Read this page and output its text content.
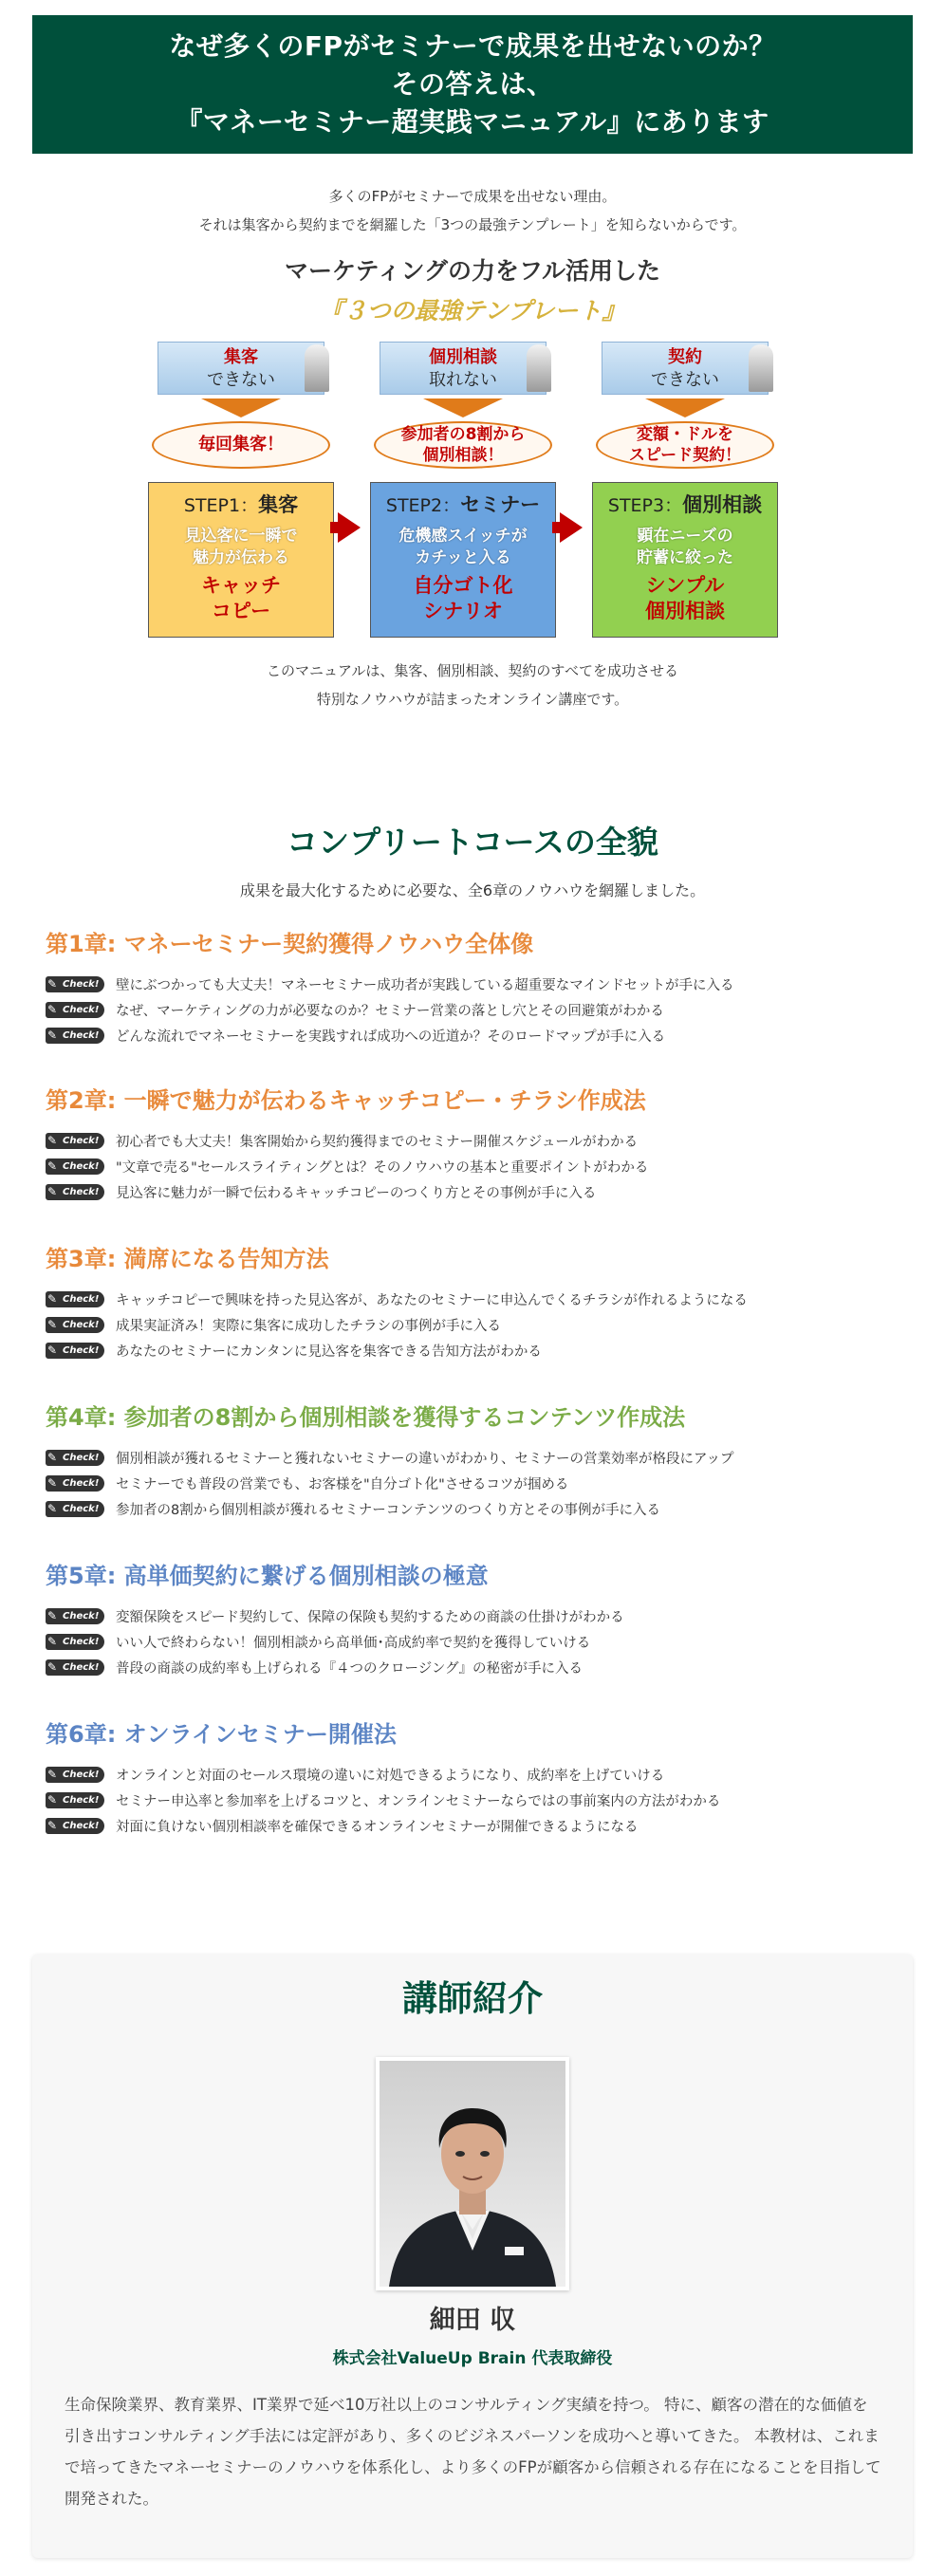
なぜ多くのFPがセミナーで成果を出せないのか？
その答えは、
『マネーセミナー超実践マニュアル』にあります
多くのFPがセミナーで成果を出せない理由。
それは集客から契約までを網羅した「3つの最強テンプレート」を知らないからです。
マーケティングの力をフル活用した
『３つの最強テンプレート』
集客
できない
毎回集客！
STEP1：集客
見込客に一瞬で
魅力が伝わる
キャッチ
コピー
個別相談
取れない
参加者の8割から
個別相談！
STEP2：セミナー
危機感スイッチが
カチッと入る
自分ゴト化
シナリオ
契約
できない
変額・ドルを
スピード契約！
STEP3：個別相談
顕在ニーズの
貯蓄に絞った
シンプル
個別相談
このマニュアルは、集客、個別相談、契約のすべてを成功させる
特別なノウハウが詰まったオンライン講座です。
コンプリートコースの全貌

成果を最大化するために必要な、全6章のノウハウを網羅しました。

第1章: マネーセミナー契約獲得ノウハウ全体像
✎ Check!	壁にぶつかっても大丈夫！マネーセミナー成功者が実践している超重要なマインドセットが手に入る
✎ Check!	なぜ、マーケティングの力が必要なのか？セミナー営業の落とし穴とその回避策がわかる
✎ Check!	どんな流れでマネーセミナーを実践すれば成功への近道か？そのロードマップが手に入る
第2章: 一瞬で魅力が伝わるキャッチコピー・チラシ作成法
✎ Check!	初心者でも大丈夫！集客開始から契約獲得までのセミナー開催スケジュールがわかる
✎ Check!	"文章で売る"セールスライティングとは？そのノウハウの基本と重要ポイントがわかる
✎ Check!	見込客に魅力が一瞬で伝わるキャッチコピーのつくり方とその事例が手に入る
第3章: 満席になる告知方法
✎ Check!	キャッチコピーで興味を持った見込客が、あなたのセミナーに申込んでくるチラシが作れるようになる
✎ Check!	成果実証済み！実際に集客に成功したチラシの事例が手に入る
✎ Check!	あなたのセミナーにカンタンに見込客を集客できる告知方法がわかる
第4章: 参加者の8割から個別相談を獲得するコンテンツ作成法
✎ Check!	個別相談が獲れるセミナーと獲れないセミナーの違いがわかり、セミナーの営業効率が格段にアップ
✎ Check!	セミナーでも普段の営業でも、お客様を"自分ゴト化"させるコツが掴める
✎ Check!	参加者の8割から個別相談が獲れるセミナーコンテンツのつくり方とその事例が手に入る
第5章: 高単価契約に繋げる個別相談の極意
✎ Check!	変額保険をスピード契約して、保障の保険も契約するための商談の仕掛けがわかる
✎ Check!	いい人で終わらない！個別相談から高単価･高成約率で契約を獲得していける
✎ Check!	普段の商談の成約率も上げられる『４つのクロージング』の秘密が手に入る
第6章: オンラインセミナー開催法
✎ Check!	オンラインと対面のセールス環境の違いに対処できるようになり、成約率を上げていける
✎ Check!	セミナー申込率と参加率を上げるコツと、オンラインセミナーならではの事前案内の方法がわかる
✎ Check!	対面に負けない個別相談率を確保できるオンラインセミナーが開催できるようになる
講師紹介
細田 収
株式会社ValueUp Brain 代表取締役

生命保険業界、教育業界、IT業界で延べ10万社以上のコンサルティング実績を持つ。 特に、顧客の潜在的な価値を引き出すコンサルティング手法には定評があり、多くのビジネスパーソンを成功へと導いてきた。 本教材は、これまで培ってきたマネーセミナーのノウハウを体系化し、より多くのFPが顧客から信頼される存在になることを目指して開発された。
